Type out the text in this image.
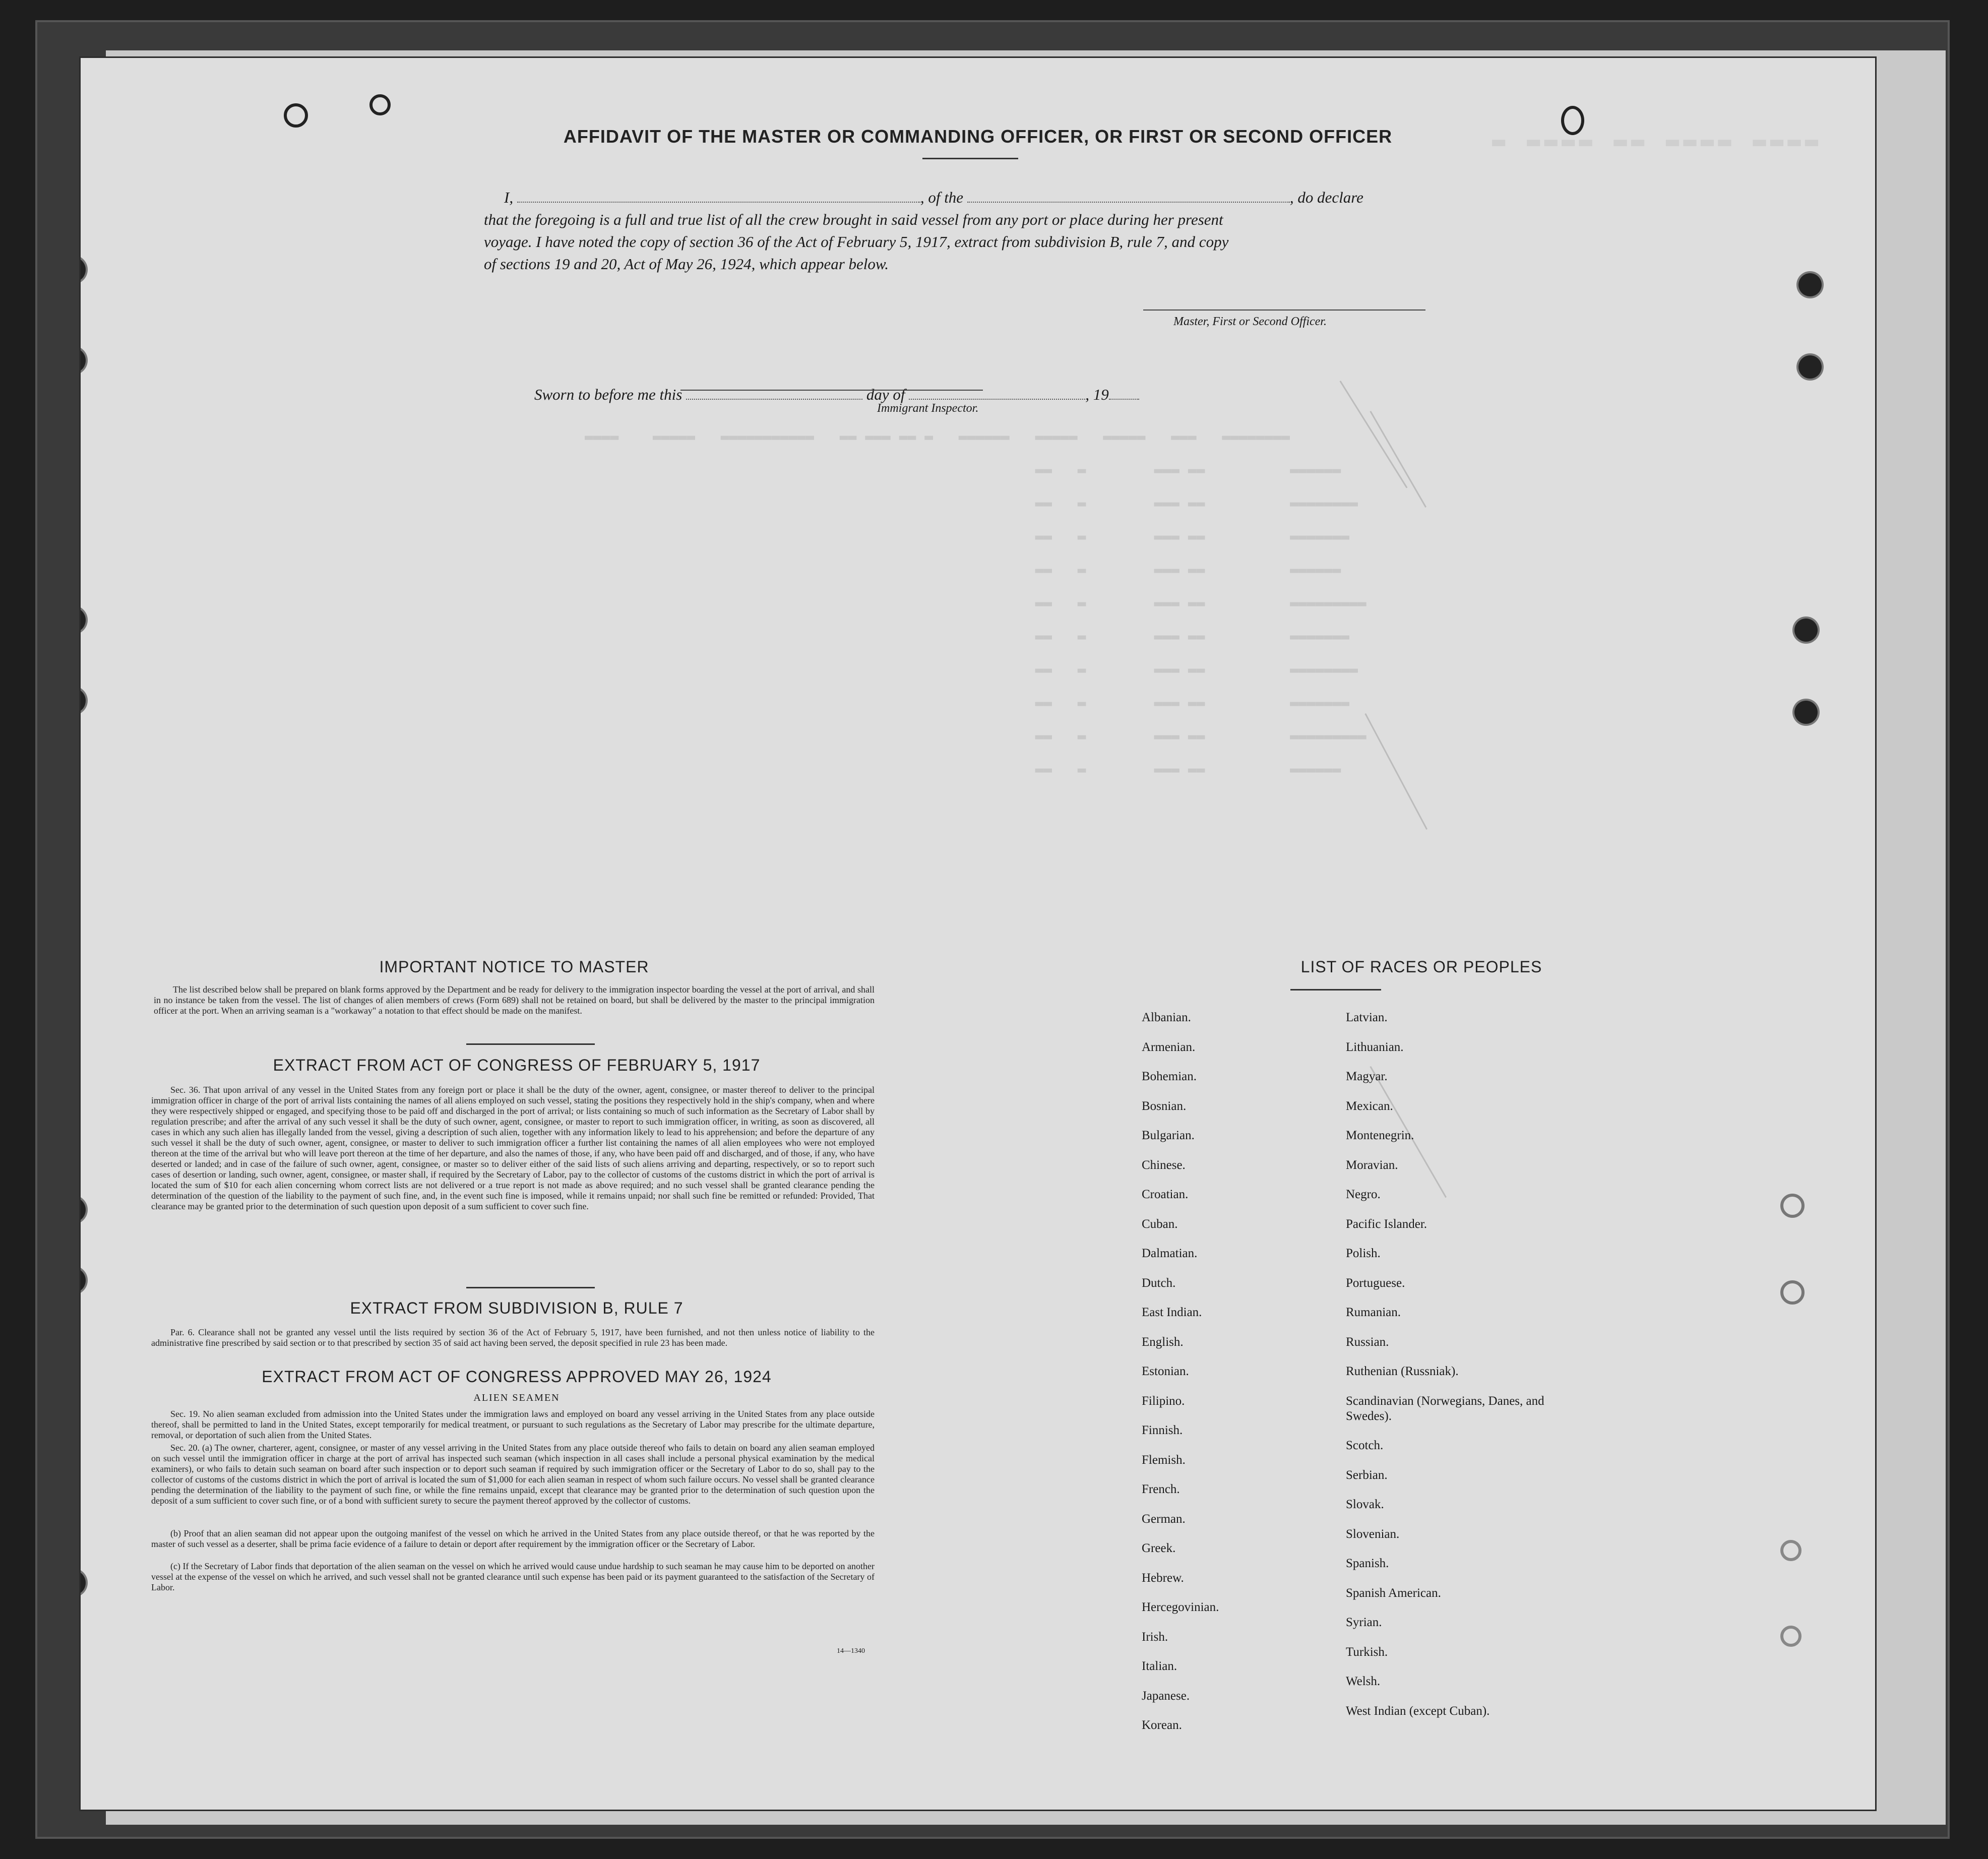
▬ ▬▬▬▬ ▬▬ ▬▬▬▬ ▬▬▬▬
▬▬▬▬    ▬▬▬▬▬   ▬▬▬▬▬▬▬▬▬▬▬   ▬▬ ▬▬▬ ▬▬ ▬   ▬▬▬▬▬▬   ▬▬▬▬▬   ▬▬▬▬▬   ▬▬▬   ▬▬▬▬▬▬▬▬

▬▬   ▬        ▬▬▬ ▬▬          ▬▬▬▬▬▬

▬▬   ▬        ▬▬▬ ▬▬          ▬▬▬▬▬▬▬▬

▬▬   ▬        ▬▬▬ ▬▬          ▬▬▬▬▬▬▬

▬▬   ▬        ▬▬▬ ▬▬          ▬▬▬▬▬▬

▬▬   ▬        ▬▬▬ ▬▬          ▬▬▬▬▬▬▬▬▬

▬▬   ▬        ▬▬▬ ▬▬          ▬▬▬▬▬▬▬

▬▬   ▬        ▬▬▬ ▬▬          ▬▬▬▬▬▬▬▬

▬▬   ▬        ▬▬▬ ▬▬          ▬▬▬▬▬▬▬

▬▬   ▬        ▬▬▬ ▬▬          ▬▬▬▬▬▬▬▬▬

▬▬   ▬        ▬▬▬ ▬▬          ▬▬▬▬▬▬
AFFIDAVIT OF THE MASTER OR COMMANDING OFFICER, OR FIRST OR SECOND OFFICER
I,	, of the	, do declare
that the foregoing is a full and true list of all the crew brought in said vessel from any port or place during her present
voyage. I have noted the copy of section 36 of the Act of February 5, 1917, extract from subdivision B, rule 7, and copy
of sections 19 and 20, Act of May 26, 1924, which appear below.
Master, First or Second Officer.
Sworn to before me this	day of	, 19
Immigrant Inspector.
IMPORTANT NOTICE TO MASTER
The list described below shall be prepared on blank forms approved by the Department and be ready for delivery to the immigration inspector boarding the vessel at the port of arrival, and shall in no instance be taken from the vessel. The list of changes of alien members of crews (Form 689) shall not be retained on board, but shall be delivered by the master to the principal immigration officer at the port. When an arriving seaman is a "workaway" a notation to that effect should be made on the manifest.
EXTRACT FROM ACT OF CONGRESS OF FEBRUARY 5, 1917
Sec. 36. That upon arrival of any vessel in the United States from any foreign port or place it shall be the duty of the owner, agent, consignee, or master thereof to deliver to the principal immigration officer in charge of the port of arrival lists containing the names of all aliens employed on such vessel, stating the positions they respectively hold in the ship's company, when and where they were respectively shipped or engaged, and specifying those to be paid off and discharged in the port of arrival; or lists containing so much of such information as the Secretary of Labor shall by regulation prescribe; and after the arrival of any such vessel it shall be the duty of such owner, agent, consignee, or master to report to such immigration officer, in writing, as soon as discovered, all cases in which any such alien has illegally landed from the vessel, giving a description of such alien, together with any information likely to lead to his apprehension; and before the departure of any such vessel it shall be the duty of such owner, agent, consignee, or master to deliver to such immigration officer a further list containing the names of all alien employees who were not employed thereon at the time of the arrival but who will leave port thereon at the time of her departure, and also the names of those, if any, who have been paid off and discharged, and of those, if any, who have deserted or landed; and in case of the failure of such owner, agent, consignee, or master so to deliver either of the said lists of such aliens arriving and departing, respectively, or so to report such cases of desertion or landing, such owner, agent, consignee, or master shall, if required by the Secretary of Labor, pay to the collector of customs of the customs district in which the port of arrival is located the sum of $10 for each alien concerning whom correct lists are not delivered or a true report is not made as above required; and no such vessel shall be granted clearance pending the determination of the question of the liability to the payment of such fine, and, in the event such fine is imposed, while it remains unpaid; nor shall such fine be remitted or refunded: Provided, That clearance may be granted prior to the determination of such question upon deposit of a sum sufficient to cover such fine.
EXTRACT FROM SUBDIVISION B, RULE 7
Par. 6. Clearance shall not be granted any vessel until the lists required by section 36 of the Act of February 5, 1917, have been furnished, and not then unless notice of liability to the administrative fine prescribed by said section or to that prescribed by section 35 of said act having been served, the deposit specified in rule 23 has been made.
EXTRACT FROM ACT OF CONGRESS APPROVED MAY 26, 1924
ALIEN SEAMEN
Sec. 19. No alien seaman excluded from admission into the United States under the immigration laws and employed on board any vessel arriving in the United States from any place outside thereof, shall be permitted to land in the United States, except temporarily for medical treatment, or pursuant to such regulations as the Secretary of Labor may prescribe for the ultimate departure, removal, or deportation of such alien from the United States.
Sec. 20. (a) The owner, charterer, agent, consignee, or master of any vessel arriving in the United States from any place outside thereof who fails to detain on board any alien seaman employed on such vessel until the immigration officer in charge at the port of arrival has inspected such seaman (which inspection in all cases shall include a personal physical examination by the medical examiners), or who fails to detain such seaman on board after such inspection or to deport such seaman if required by such immigration officer or the Secretary of Labor to do so, shall pay to the collector of customs of the customs district in which the port of arrival is located the sum of $1,000 for each alien seaman in respect of whom such failure occurs. No vessel shall be granted clearance pending the determination of the liability to the payment of such fine, or while the fine remains unpaid, except that clearance may be granted prior to the determination of such question upon the deposit of a sum sufficient to cover such fine, or of a bond with sufficient surety to secure the payment thereof approved by the collector of customs.
(b) Proof that an alien seaman did not appear upon the outgoing manifest of the vessel on which he arrived in the United States from any place outside thereof, or that he was reported by the master of such vessel as a deserter, shall be prima facie evidence of a failure to detain or deport after requirement by the immigration officer or the Secretary of Labor.
(c) If the Secretary of Labor finds that deportation of the alien seaman on the vessel on which he arrived would cause undue hardship to such seaman he may cause him to be deported on another vessel at the expense of the vessel on which he arrived, and such vessel shall not be granted clearance until such expense has been paid or its payment guaranteed to the satisfaction of the Secretary of Labor.
14—1340
LIST OF RACES OR PEOPLES
Albanian.
Armenian.
Bohemian.
Bosnian.
Bulgarian.
Chinese.
Croatian.
Cuban.
Dalmatian.
Dutch.
East Indian.
English.
Estonian.
Filipino.
Finnish.
Flemish.
French.
German.
Greek.
Hebrew.
Hercegovinian.
Irish.
Italian.
Japanese.
Korean.
Latvian.
Lithuanian.
Magyar.
Mexican.
Montenegrin.
Moravian.
Negro.
Pacific Islander.
Polish.
Portuguese.
Rumanian.
Russian.
Ruthenian (Russniak).
Scandinavian (Norwegians, Danes, and Swedes).
Scotch.
Serbian.
Slovak.
Slovenian.
Spanish.
Spanish American.
Syrian.
Turkish.
Welsh.
West Indian (except Cuban).
